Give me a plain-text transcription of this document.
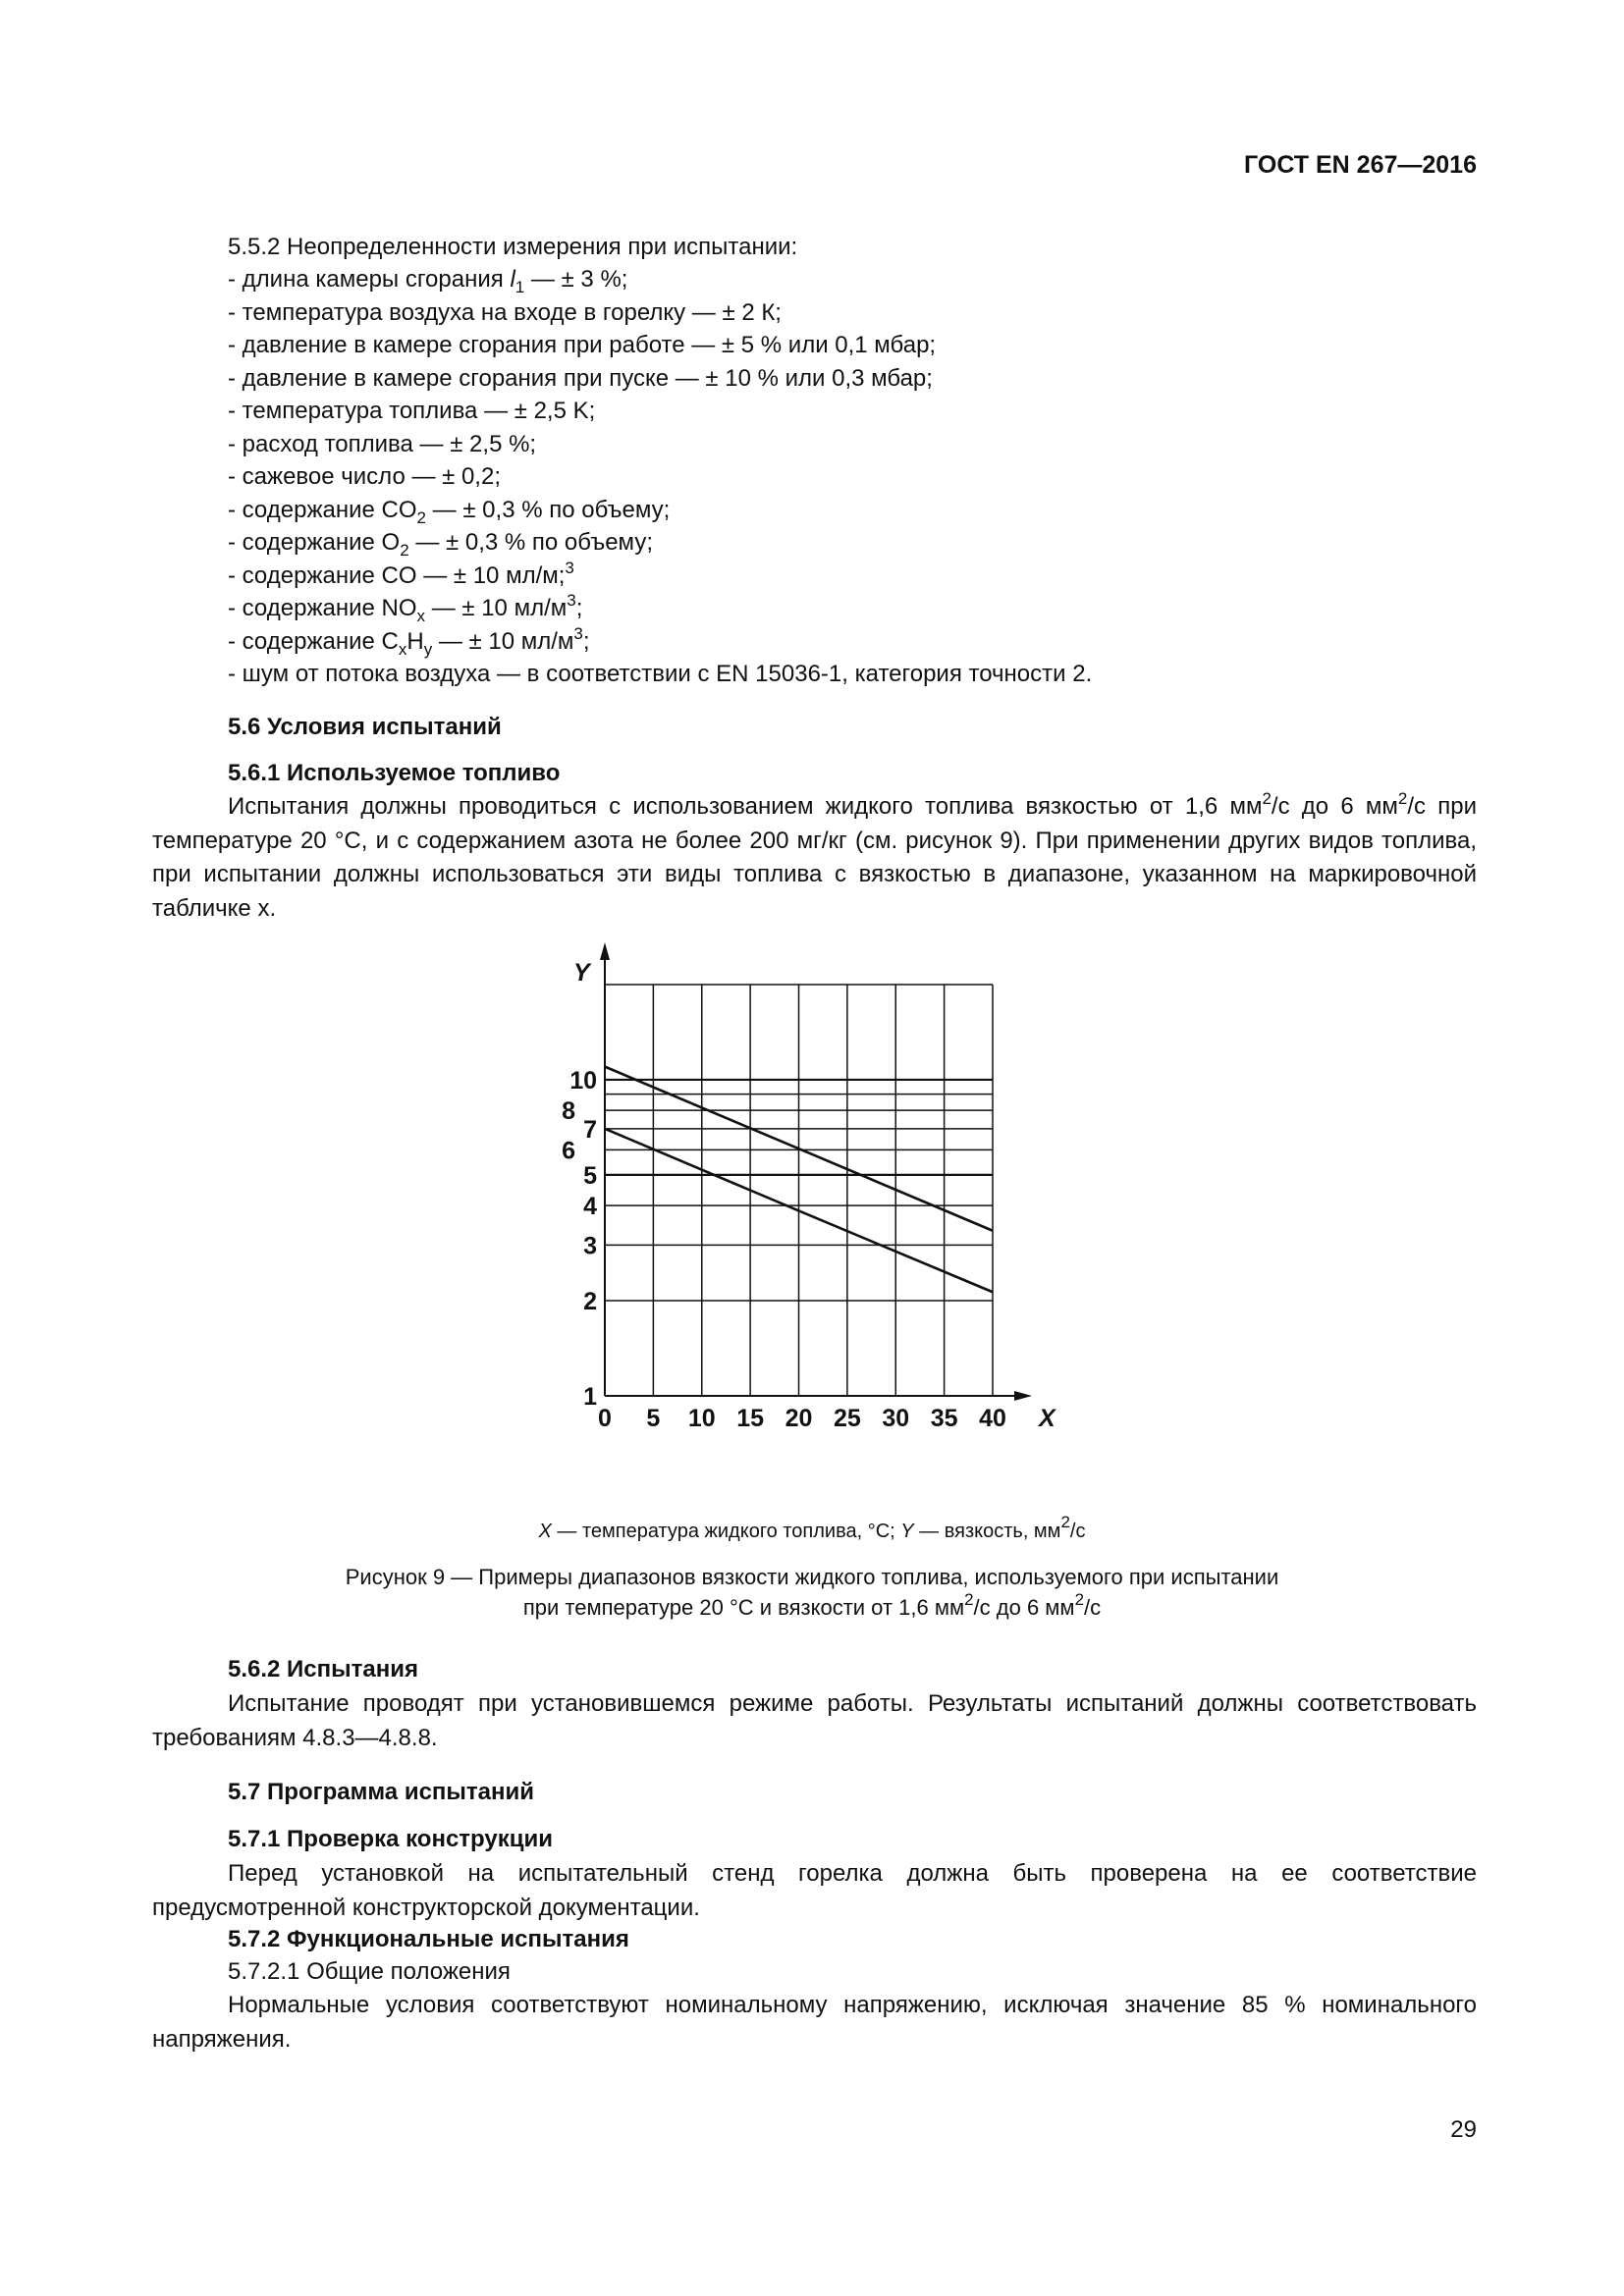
ГОСТ EN 267—2016
5.5.2 Неопределенности измерения при испытании:
- длина камеры сгорания $l_1$ — ± 3 %;
- температура воздуха на входе в горелку — ± 2 К;
- давление в камере сгорания при работе — ± 5 % или 0,1 мбар;
- давление в камере сгорания при пуске — ± 10 % или 0,3 мбар;
- температура топлива — ± 2,5 K;
- расход топлива — ± 2,5 %;
- сажевое число — ± 0,2;
- содержание $CO_2$ — ± 0,3 % по объему;
- содержание $O_2$ — ± 0,3 % по объему;
- содержание CO — ± 10 мл/м;$^3$
- содержание $NO_x$ — ± 10 $мл/м^3$;
- содержание $C_xH_y$ — ± 10 $мл/м^3$;
- шум от потока воздуха — в соответствии с EN 15036-1, категория точности 2.
5.6 Условия испытаний
5.6.1 Используемое топливо
Испытания должны проводиться с использованием жидкого топлива вязкостью от 1,6 $мм^2/с$ до 6 $мм^2/с$ при температуре 20 °С, и с содержанием азота не более 200 мг/кг (см. рисунок 9). При применении других видов топлива, при испытании должны использоваться эти виды топлива с вязкостью в диапазоне, указанном на маркировочной табличке x.
0 5 10 15 20 25 30 35 40
1
2
3
4
5
6
7
8
10
X
Y
X — температура жидкого топлива, °С; Y — вязкость, $мм^2/с$
Рисунок 9 — Примеры диапазонов вязкости жидкого топлива, используемого при испытании
при температуре 20 °С и вязкости от 1,6 $мм^2/с$ до 6 $мм^2/с$
5.6.2 Испытания
Испытание проводят при установившемся режиме работы. Результаты испытаний должны соответствовать требованиям 4.8.3—4.8.8.
5.7 Программа испытаний
5.7.1 Проверка конструкции
Перед установкой на испытательный стенд горелка должна быть проверена на ее соответствие предусмотренной конструкторской документации.
5.7.2 Функциональные испытания
5.7.2.1 Общие положения
Нормальные условия соответствуют номинальному напряжению, исключая значение 85 % номинального напряжения.
29
